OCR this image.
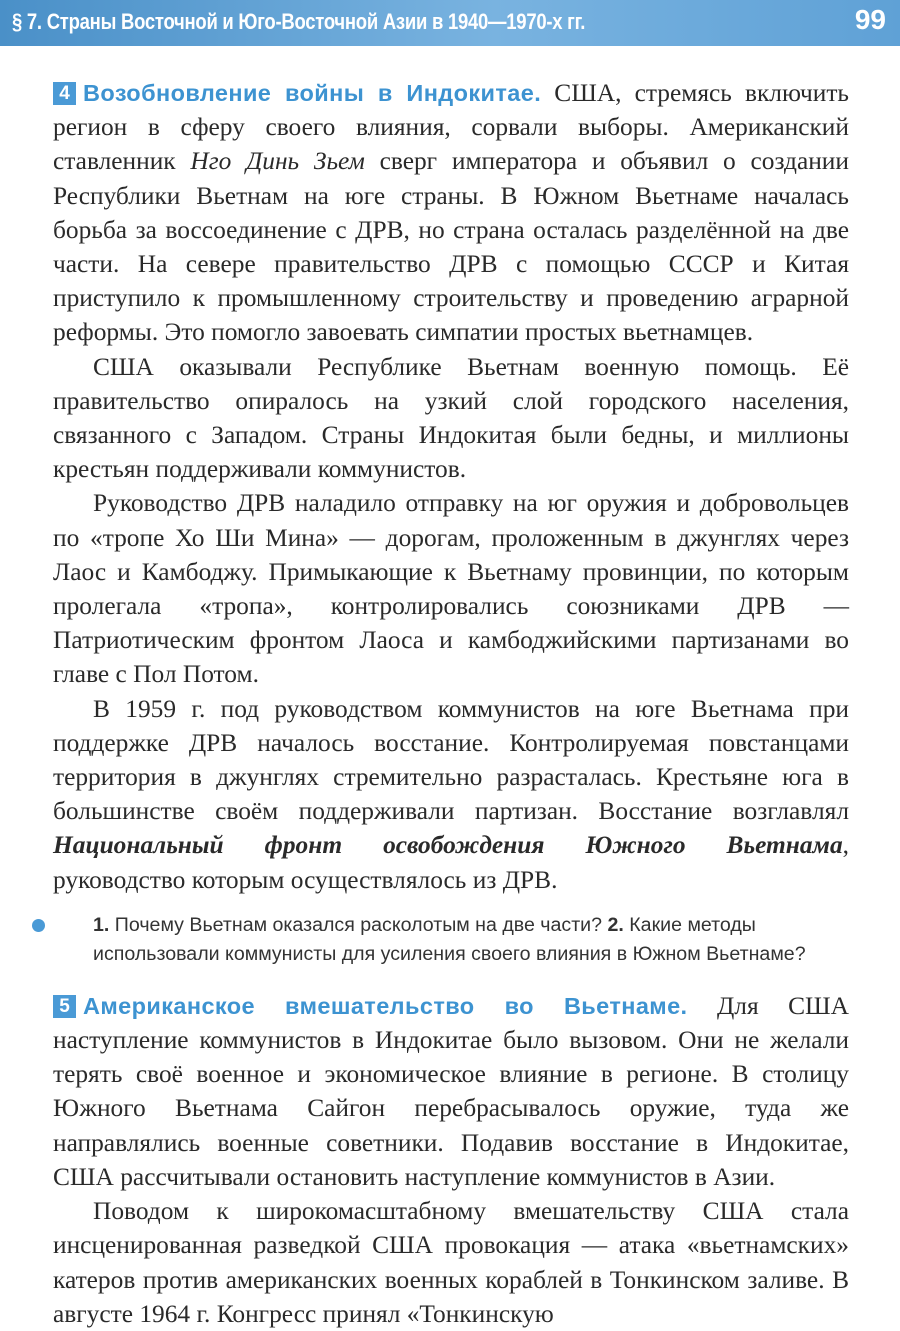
§ 7. Страны Восточной и Юго-Восточной Азии в 1940—1970-х гг.	99

4 Возобновление войны в Индокитае. США, стремясь включить регион в сферу своего влияния, сорвали выборы. Американский ставленник Нго Динь Зьем сверг императора и объявил о создании Республики Вьетнам на юге страны. В Южном Вьетнаме началась борьба за воссоединение с ДРВ, но страна осталась разделённой на две части. На севере правительство ДРВ с помощью СССР и Китая приступило к промышленному строительству и проведению аграрной реформы. Это помогло завоевать симпатии простых вьетнамцев.

США оказывали Республике Вьетнам военную помощь. Её правительство опиралось на узкий слой городского населения, связанного с Западом. Страны Индокитая были бедны, и миллионы крестьян поддерживали коммунистов.

Руководство ДРВ наладило отправку на юг оружия и добровольцев по «тропе Хо Ши Мина» — дорогам, проложенным в джунглях через Лаос и Камбоджу. Примыкающие к Вьетнаму провинции, по которым пролегала «тропа», контролировались союзниками ДРВ — Патриотическим фронтом Лаоса и камбоджийскими партизанами во главе с Пол Потом.

В 1959 г. под руководством коммунистов на юге Вьетнама при поддержке ДРВ началось восстание. Контролируемая повстанцами территория в джунглях стремительно разрасталась. Крестьяне юга в большинстве своём поддерживали партизан. Восстание возглавлял Национальный фронт освобождения Южного Вьетнама, руководство которым осуществлялось из ДРВ.

1. Почему Вьетнам оказался расколотым на две части? 2. Какие методы использовали коммунисты для усиления своего влияния в Южном Вьетнаме?

5 Американское вмешательство во Вьетнаме. Для США наступление коммунистов в Индокитае было вызовом. Они не желали терять своё военное и экономическое влияние в регионе. В столицу Южного Вьетнама Сайгон перебрасывалось оружие, туда же направлялись военные советники. Подавив восстание в Индокитае, США рассчитывали остановить наступление коммунистов в Азии.

Поводом к широкомасштабному вмешательству США стала инсценированная разведкой США провокация — атака «вьетнамских» катеров против американских военных кораблей в Тонкинском заливе. В августе 1964 г. Конгресс принял «Тонкинскую
